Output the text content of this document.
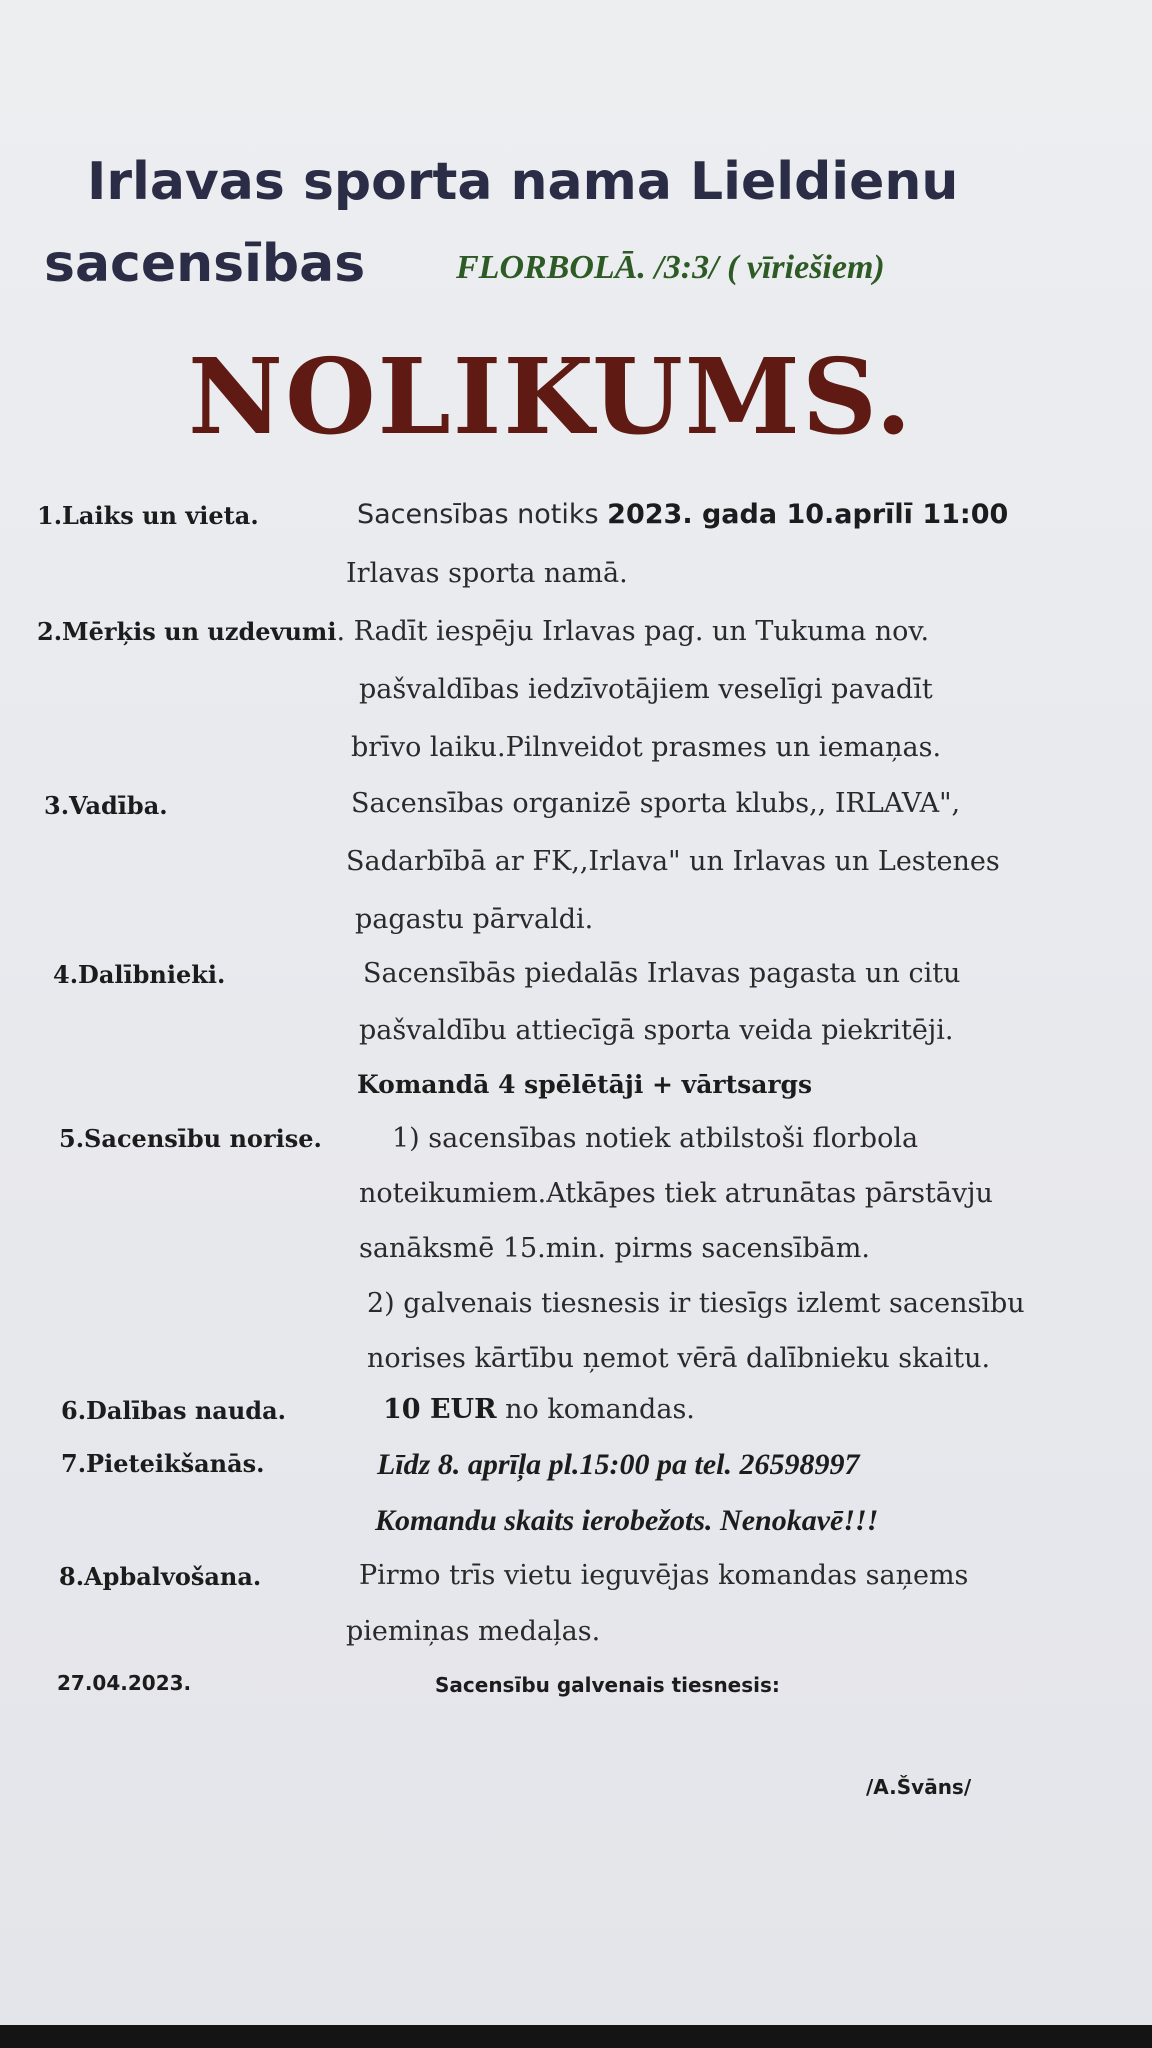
Irlavas sporta nama Lieldienu

sacensības	FLORBOLĀ. /3:3/ ( vīriešiem)

NOLIKUMS.

1.Laiks un vieta.	Sacensības notiks 2023. gada 10.aprīlī 11:00

Irlavas sporta namā.

2.Mērķis un uzdevumi. Radīt iespēju Irlavas pag. un Tukuma nov.

pašvaldības iedzīvotājiem veselīgi pavadīt

brīvo laiku.Pilnveidot prasmes un iemaņas.

3.Vadība.	Sacensības organizē sporta klubs,, IRLAVA",

Sadarbībā ar FK,,Irlava" un Irlavas un Lestenes

pagastu pārvaldi.

4.Dalībnieki.	Sacensībās piedalās Irlavas pagasta un citu

pašvaldību attiecīgā sporta veida piekritēji.

Komandā 4 spēlētāji + vārtsargs

5.Sacensību norise.	1) sacensības notiek atbilstoši florbola

noteikumiem.Atkāpes tiek atrunātas pārstāvju

sanāksmē 15.min. pirms sacensībām.

2) galvenais tiesnesis ir tiesīgs izlemt sacensību

norises kārtību ņemot vērā dalībnieku skaitu.

6.Dalības nauda.	10 EUR no komandas.

7.Pieteikšanās.	Līdz 8. aprīļa pl.15:00 pa tel. 26598997

Komandu skaits ierobežots. Nenokavē!!!

8.Apbalvošana.	Pirmo trīs vietu ieguvējas komandas saņems

piemiņas medaļas.

27.04.2023.	Sacensību galvenais tiesnesis:

/A.Švāns/
